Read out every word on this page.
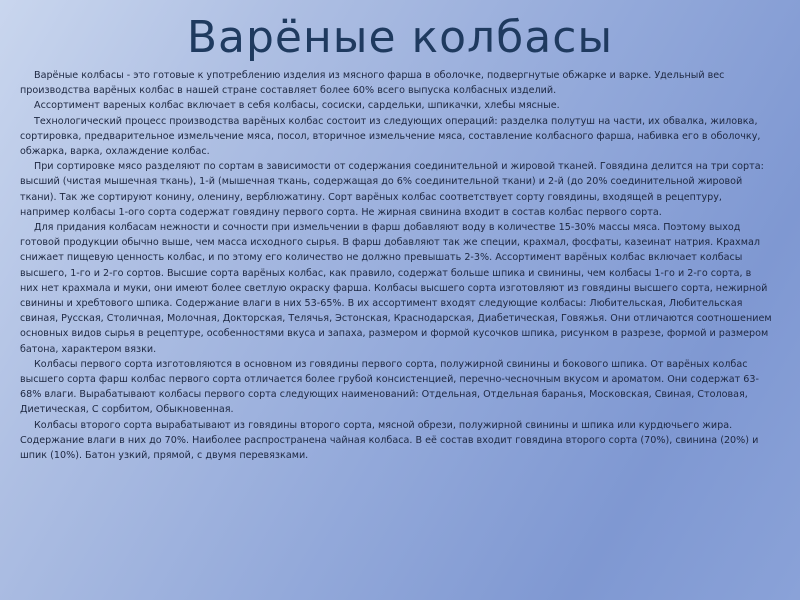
Варёные колбасы

Варёные колбасы - это готовые к употреблению изделия из мясного фарша в оболочке, подвергнутые обжарке и варке. Удельный вес производства варёных колбас в нашей стране составляет более 60% всего выпуска колбасных изделий.

Ассортимент вареных колбас включает в себя колбасы, сосиски, сардельки, шпикачки, хлебы мясные.

Технологический процесс производства варёных колбас состоит из следующих операций: разделка полутуш на части, их обвалка, жиловка, сортировка, предварительное измельчение мяса, посол, вторичное измельчение мяса, составление колбасного фарша, набивка его в оболочку, обжарка, варка, охлаждение колбас.

При сортировке мясо разделяют по сортам в зависимости от содержания соединительной и жировой тканей. Говядина делится на три сорта: высший (чистая мышечная ткань), 1-й (мышечная ткань, содержащая до 6% соединительной ткани) и 2-й (до 20% соединительной жировой ткани). Так же сортируют конину, оленину, верблюжатину. Сорт варёных колбас соответствует сорту говядины, входящей в рецептуру, например колбасы 1-ого сорта содержат говядину первого сорта. Не жирная свинина входит в состав колбас первого сорта.

Для придания колбасам нежности и сочности при измельчении в фарш добавляют воду в количестве 15-30% массы мяса. Поэтому выход готовой продукции обычно выше, чем масса исходного сырья. В фарш добавляют так же специи, крахмал, фосфаты, казеинат натрия. Крахмал снижает пищевую ценность колбас, и по этому его количество не должно превышать 2-3%. Ассортимент варёных колбас включает колбасы высшего, 1-го и 2-го сортов. Высшие сорта варёных колбас, как правило, содержат больше шпика и свинины, чем колбасы 1-го и 2-го сорта, в них нет крахмала и муки, они имеют более светлую окраску фарша. Колбасы высшего сорта изготовляют из говядины высшего сорта, нежирной свинины и хребтового шпика. Содержание влаги в них 53-65%. В их ассортимент входят следующие колбасы: Любительская, Любительская свиная, Русская, Столичная, Молочная, Докторская, Телячья, Эстонская, Краснодарская, Диабетическая, Говяжья. Они отличаются соотношением основных видов сырья в рецептуре, особенностями вкуса и запаха, размером и формой кусочков шпика, рисунком в разрезе, формой и размером батона, характером вязки.

Колбасы первого сорта изготовляются в основном из говядины первого сорта, полужирной свинины и бокового шпика. От варёных колбас высшего сорта фарш колбас первого сорта отличается более грубой консистенцией, перечно-чесночным вкусом и ароматом. Они содержат 63-68% влаги. Вырабатывают колбасы первого сорта следующих наименований: Отдельная, Отдельная баранья, Московская, Свиная, Столовая, Диетическая, С сорбитом, Обыкновенная.

Колбасы второго сорта вырабатывают из говядины второго сорта, мясной обрези, полужирной свинины и шпика или курдючьего жира. Содержание влаги в них до 70%. Наиболее распространена чайная колбаса. В её состав входит говядина второго сорта (70%), свинина (20%) и шпик (10%). Батон узкий, прямой, с двумя перевязками.
